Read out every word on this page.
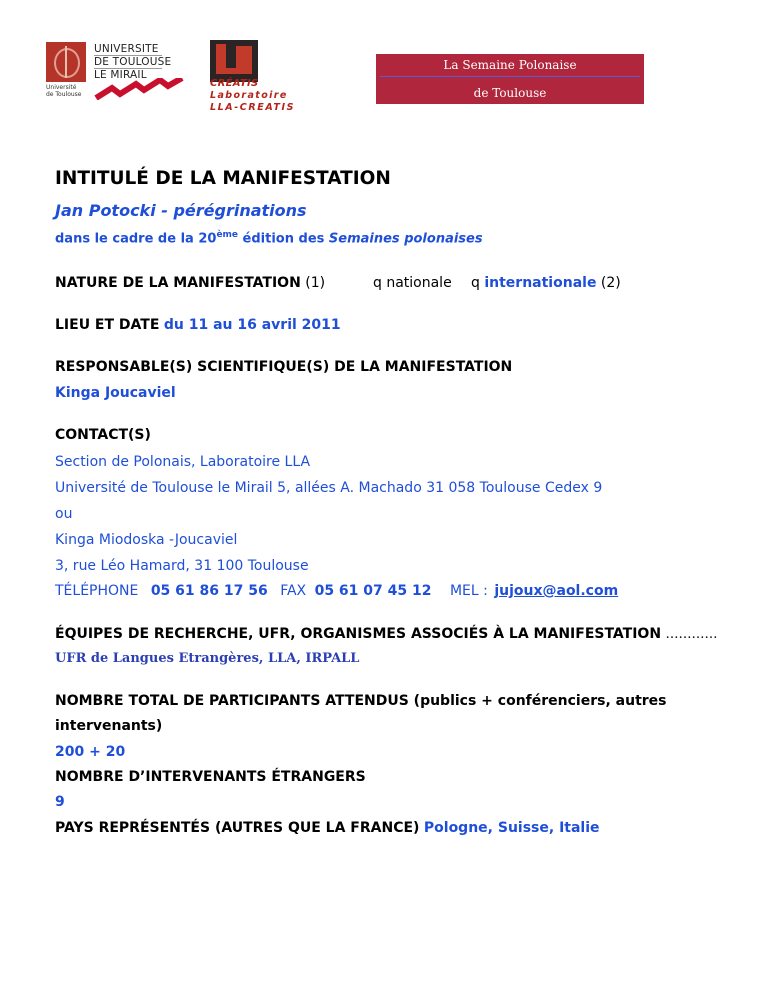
Université
de Toulouse
UNIVERSITE
DE TOULOUSE
LE MIRAIL
CRÉATIS
Laboratoire
LLA-CREATIS
La Semaine Polonaise
de Toulouse
INTITULÉ DE LA MANIFESTATION
Jan Potocki - pérégrinations
dans le cadre de la 20ème édition des Semaines polonaises
NATURE DE LA MANIFESTATION (1)	q nationale q internationale (2)
LIEU ET DATE du 11 au 16 avril 2011
RESPONSABLE(S) SCIENTIFIQUE(S) DE LA MANIFESTATION
Kinga Joucaviel
CONTACT(S)
Section de Polonais, Laboratoire LLA
Université de Toulouse le Mirail 5, allées A. Machado 31 058 Toulouse Cedex 9
ou
Kinga Miodoska -Joucaviel
3, rue Léo Hamard, 31 100 Toulouse
TÉLÉPHONE 05 61 86 17 56 FAX 05 61 07 45 12 MEL : jujoux@aol.com
ÉQUIPES DE RECHERCHE, UFR, ORGANISMES ASSOCIÉS À LA MANIFESTATION …………
UFR de Langues Etrangères, LLA, IRPALL
NOMBRE TOTAL DE PARTICIPANTS ATTENDUS (publics + conférenciers, autres
intervenants)
200 + 20
NOMBRE D’INTERVENANTS ÉTRANGERS
9
PAYS REPRÉSENTÉS (AUTRES QUE LA FRANCE) Pologne, Suisse, Italie
